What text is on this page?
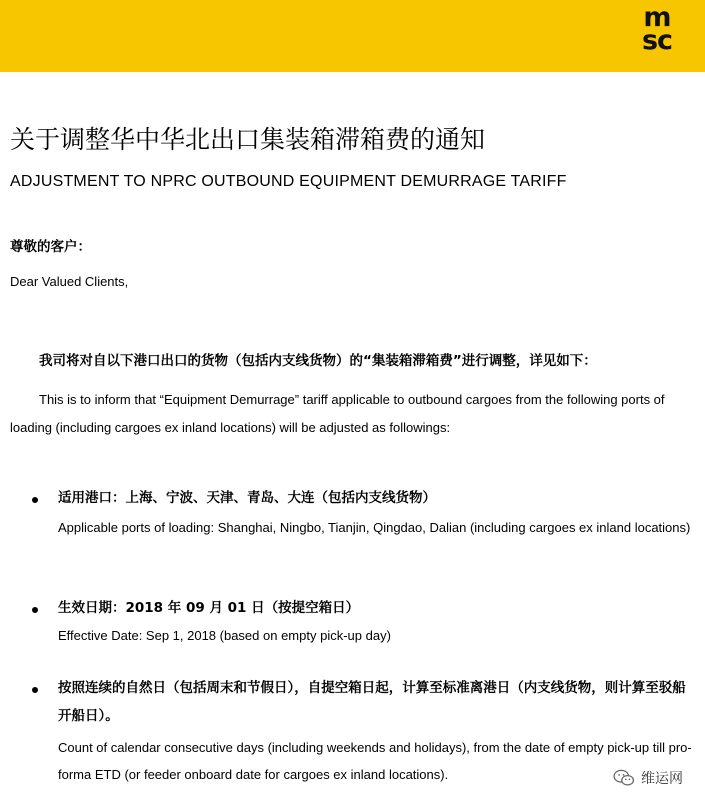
m
sc
关于调整华中华北出口集装箱滞箱费的通知
ADJUSTMENT TO NPRC OUTBOUND EQUIPMENT DEMURRAGE TARIFF
尊敬的客户：
Dear Valued Clients,
我司将对自以下港口出口的货物（包括内支线货物）的“集装箱滞箱费”进行调整，详见如下：

This is to inform that “Equipment Demurrage” tariff applicable to outbound cargoes from the following ports of loading (including cargoes ex inland locations) will be adjusted as followings:

适用港口：上海、宁波、天津、青岛、大连（包括内支线货物）
Applicable ports of loading: Shanghai, Ningbo, Tianjin, Qingdao, Dalian (including cargoes ex inland locations)
生效日期：2018 年 09 月 01 日（按提空箱日）
Effective Date: Sep 1, 2018 (based on empty pick-up day)
按照连续的自然日（包括周末和节假日），自提空箱日起，计算至标准离港日（内支线货物，则计算至驳船开船日）。
Count of calendar consecutive days (including weekends and holidays), from the date of empty pick-up till pro-forma ETD (or feeder onboard date for cargoes ex inland locations).	维运网
